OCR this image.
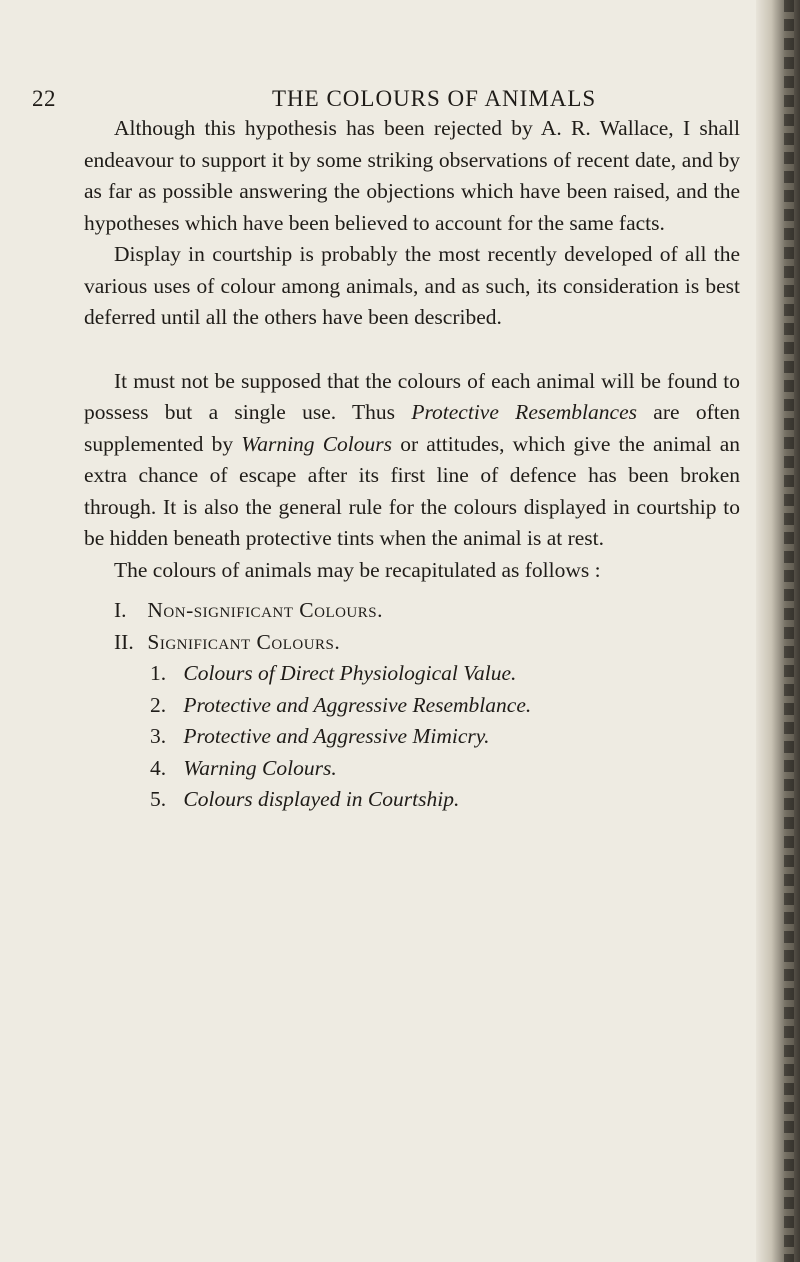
22	THE COLOURS OF ANIMALS

Although this hypothesis has been rejected by A. R. Wallace, I shall endeavour to support it by some striking observations of recent date, and by as far as possible answering the objections which have been raised, and the hypotheses which have been believed to account for the same facts.

Display in courtship is probably the most recently developed of all the various uses of colour among animals, and as such, its consideration is best deferred until all the others have been described.

It must not be supposed that the colours of each animal will be found to possess but a single use. Thus Protective Resemblances are often supplemented by Warning Colours or attitudes, which give the animal an extra chance of escape after its first line of defence has been broken through. It is also the general rule for the colours displayed in courtship to be hidden beneath protective tints when the animal is at rest.

The colours of animals may be recapitulated as follows :

I. Non-significant Colours.
II. Significant Colours.
1. Colours of Direct Physiological Value.
2. Protective and Aggressive Resemblance.
3. Protective and Aggressive Mimicry.
4. Warning Colours.
5. Colours displayed in Courtship.
